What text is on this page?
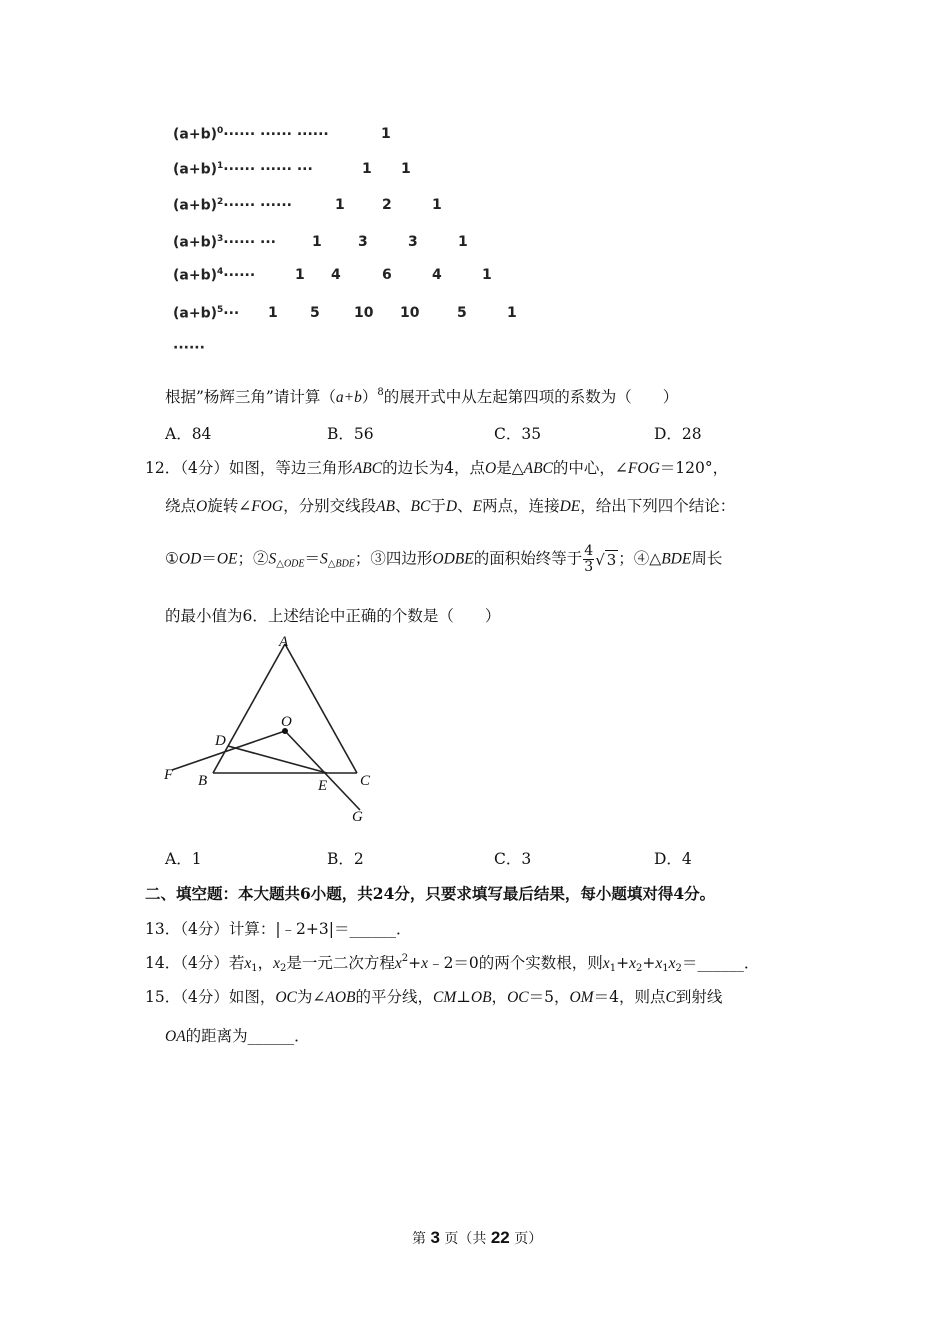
$(a+b)^0\cdot\cdot\cdot\cdot\cdot\cdot$ ······ ······	1
$(a+b)^1\cdot\cdot\cdot\cdot\cdot\cdot$ ······ ···	1 1
$(a+b)^2\cdot\cdot\cdot\cdot\cdot\cdot$ ······	1	2	1
$(a+b)^3\cdot\cdot\cdot\cdot\cdot\cdot$ ···	1	3	3	1
$(a+b)^4\cdot\cdot\cdot\cdot\cdot\cdot$	1 4	6	4	1
$(a+b)^5\cdot\cdot\cdot 1$ 5 10 10	5	1
······
根据”杨辉三角”请计算$(a+b)^8$的展开式中从左起第四项的系数为（　　）
A．84	B．56	C．35	D．28
12．（4分）如图，等边三角形ABC的边长为4，点O是△ABC的中心，∠FOG＝120°，
绕点O旋转∠FOG，分别交线段AB、BC于D、E两点，连接DE，给出下列四个结论：
①OD＝OE；$②S_{\triangle ODE}=S_{\triangle BDE}$；③四边形ODBE的面积始终等于 $\frac{4}{3}$ √ 3 ；④△BDE周长
的最小值为6．上述结论中正确的个数是（　　）
A
B	C
D
E
F
G
O
A．1	B．2	C．3	D．4
二、填空题：本大题共6小题，共24分，只要求填写最后结果，每小题填对得4分。
13．（4分）计算：|﹣2+3|＝______．
14．（4分）若$x_1$，$x_2$是一元二次方程$x^2+x﹣2=0$的两个实数根，则$x_1+x_2+x_1x_2=\_\_\_\_\_\_$．
15．（4分）如图，OC为∠AOB的平分线，CM⊥OB，OC＝5，OM＝4，则点C到射线
OA的距离为______．
第 3 页（共 22 页）
